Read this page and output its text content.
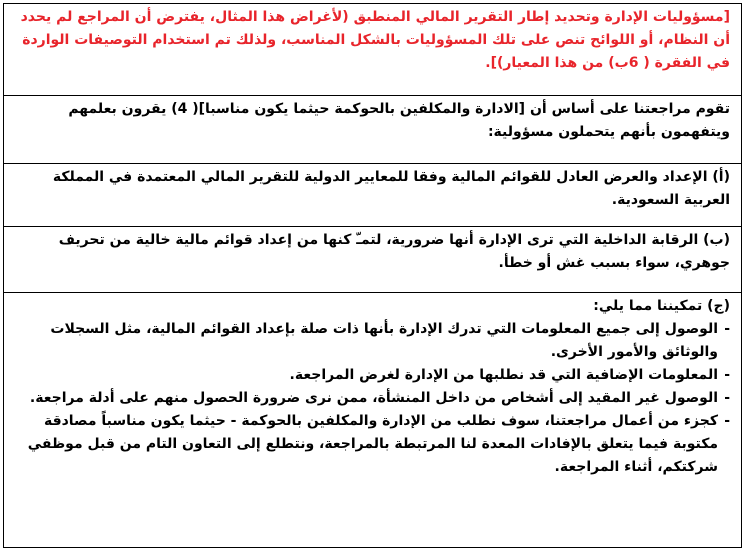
[مسؤوليات الإدارة وتحديد إطار التقرير المالي المنطبق (لأغراض هذا المثال، يفترض أن المراجع لم يحدد أن النظام، أو اللوائح تنص على تلك المسؤوليات بالشكل المناسب، ولذلك تم استخدام التوصيفات الواردة في الفقرة ( 6ب) من هذا المعيار)].
تقوم مراجعتنا على أساس أن [الادارة والمكلفين بالحوكمة حيثما يكون مناسبا]( 4) يقرون بعلمهم ويتفهمون بأنهم يتحملون مسؤولية:
(أ) الإعداد والعرض العادل للقوائم المالية وفقا للمعايير الدولية للتقرير المالي المعتمدة في المملكة العربية السعودية.
(ب) الرقابة الداخلية التي ترى الإدارة أنها ضرورية، لتمـّ كنها من إعداد قوائم مالية خالية من تحريف جوهري، سواء بسبب غش أو خطأ.
(ج) تمكيننا مما يلي:
-
الوصول إلى جميع المعلومات التي تدرك الإدارة بأنها ذات صلة بإعداد القوائم المالية، مثل السجلات والوثائق والأمور الأخرى.
-
المعلومات الإضافية التي قد نطلبها من الإدارة لغرض المراجعة.
-
الوصول غير المقيد إلى أشخاص من داخل المنشأة، ممن نرى ضرورة الحصول منهم على أدلة مراجعة.
-
كجزء من أعمال مراجعتنا، سوف نطلب من الإدارة والمكلفين بالحوكمة - حيثما يكون مناسباً مصادقة مكتوبة فيما يتعلق بالإفادات المعدة لنا المرتبطة بالمراجعة، ونتطلع إلى التعاون التام من قبل موظفي شركتكم، أثناء المراجعة.
